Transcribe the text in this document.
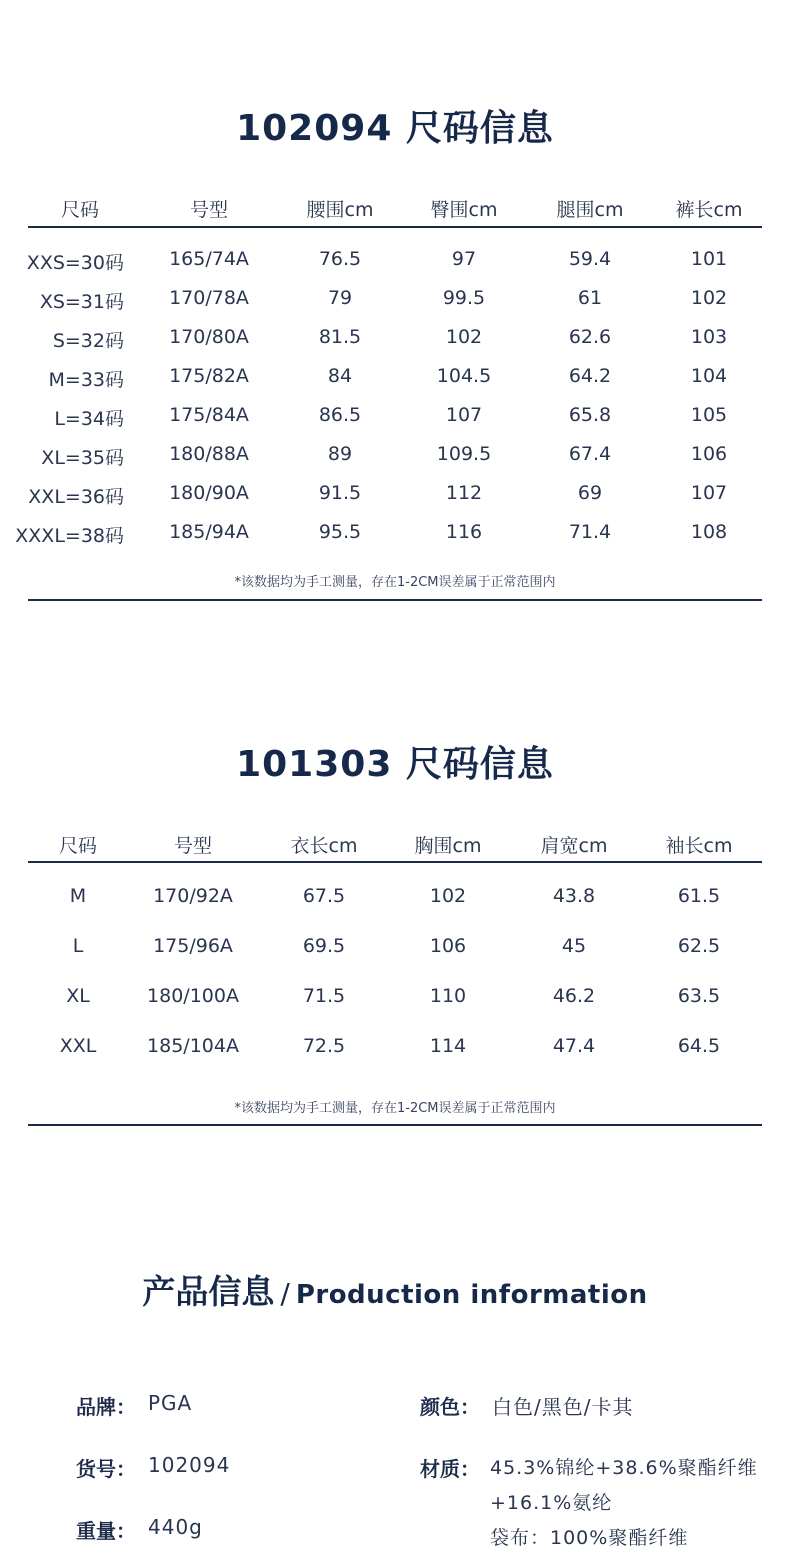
102094 尺码信息
尺码	号型	腰围cm	臀围cm	腿围cm	裤长cm
XXS=30码 165/74A	76.5	97	59.4	101
XS=31码 170/78A	79	99.5	61	102
S=32码 170/80A	81.5	102	62.6	103
M=33码 175/82A	84	104.5	64.2	104
L=34码 175/84A	86.5	107	65.8	105
XL=35码 180/88A	89	109.5	67.4	106
XXL=36码 180/90A	91.5	112	69	107
XXXL=38码 185/94A	95.5	116	71.4	108
*该数据均为手工测量，存在1-2CM误差属于正常范围内
101303 尺码信息
尺码	号型	衣长cm	胸围cm	肩宽cm	袖长cm
M	170/92A	67.5	102	43.8	61.5
L	175/96A	69.5	106	45	62.5
XL	180/100A	71.5	110	46.2	63.5
XXL	185/104A	72.5	114	47.4	64.5
*该数据均为手工测量，存在1-2CM误差属于正常范围内
产品信息 / Production information
品牌： PGA	颜色： 白色/黑色/卡其
货号： 102094	材质： 45.3%锦纶+38.6%聚酯纤维
+16.1%氨纶
袋布：100%聚酯纤维
重量： 440g
